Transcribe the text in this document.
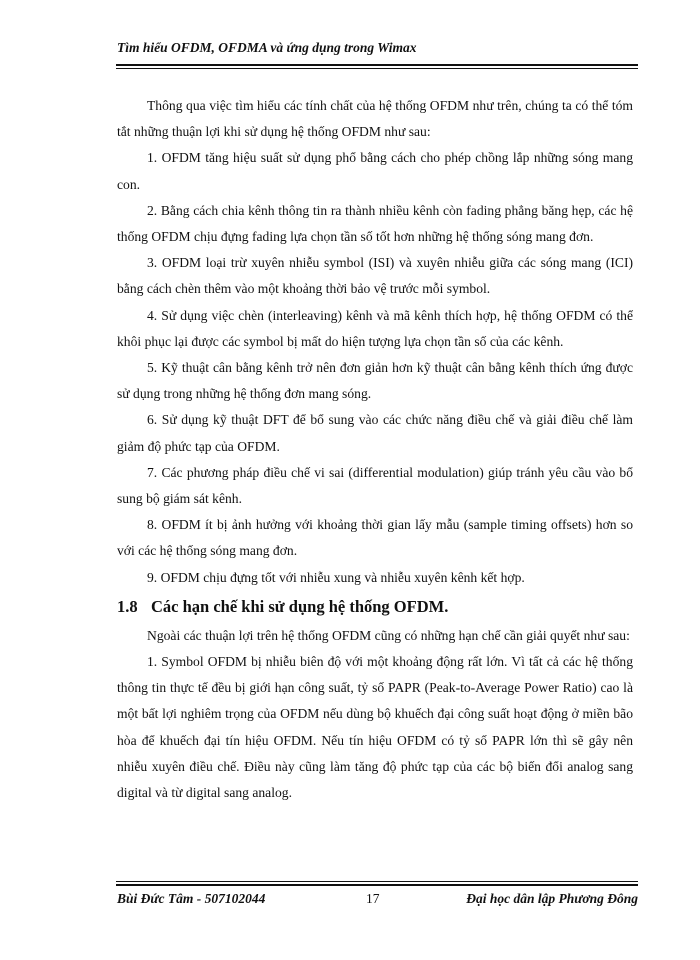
Tìm hiểu OFDM, OFDMA và ứng dụng trong Wimax

Thông qua việc tìm hiểu các tính chất của hệ thống OFDM như trên, chúng ta có thể tóm tắt những thuận lợi khi sử dụng hệ thống OFDM như sau:

1. OFDM tăng hiệu suất sử dụng phổ bằng cách cho phép chồng lắp những sóng mang con.

2. Bằng cách chia kênh thông tin ra thành nhiều kênh còn fading phẳng băng hẹp, các hệ thống OFDM chịu đựng fading lựa chọn tần số tốt hơn những hệ thống sóng mang đơn.

3. OFDM loại trừ xuyên nhiễu symbol (ISI) và xuyên nhiễu giữa các sóng mang (ICI) bằng cách chèn thêm vào một khoảng thời bảo vệ trước mỗi symbol.

4. Sử dụng việc chèn (interleaving) kênh và mã kênh thích hợp, hệ thống OFDM có thể khôi phục lại được các symbol bị mất do hiện tượng lựa chọn tần số của các kênh.

5. Kỹ thuật cân bằng kênh trở nên đơn giản hơn kỹ thuật cân bằng kênh thích ứng được sử dụng trong những hệ thống đơn mang sóng.

6. Sử dụng kỹ thuật DFT để bổ sung vào các chức năng điều chế và giải điều chế làm giảm độ phức tạp của OFDM.

7. Các phương pháp điều chế vi sai (differential modulation) giúp tránh yêu cầu vào bổ sung bộ giám sát kênh.

8. OFDM ít bị ảnh hưởng với khoảng thời gian lấy mẫu (sample timing offsets) hơn so với các hệ thống sóng mang đơn.

9. OFDM chịu đựng tốt với nhiễu xung và nhiễu xuyên kênh kết hợp.

1.8 Các hạn chế khi sử dụng hệ thống OFDM.

Ngoài các thuận lợi trên hệ thống OFDM cũng có những hạn chế cần giải quyết như sau:

1. Symbol OFDM bị nhiễu biên độ với một khoảng động rất lớn. Vì tất cả các hệ thống thông tin thực tế đều bị giới hạn công suất, tỷ số PAPR (Peak-to-Average Power Ratio) cao là một bất lợi nghiêm trọng của OFDM nếu dùng bộ khuếch đại công suất hoạt động ở miền bão hòa để khuếch đại tín hiệu OFDM. Nếu tín hiệu OFDM có tỷ số PAPR lớn thì sẽ gây nên nhiễu xuyên điều chế. Điều này cũng làm tăng độ phức tạp của các bộ biến đổi analog sang digital và từ digital sang analog.

Bùi Đức Tâm - 507102044	17	Đại học dân lập Phương Đông
